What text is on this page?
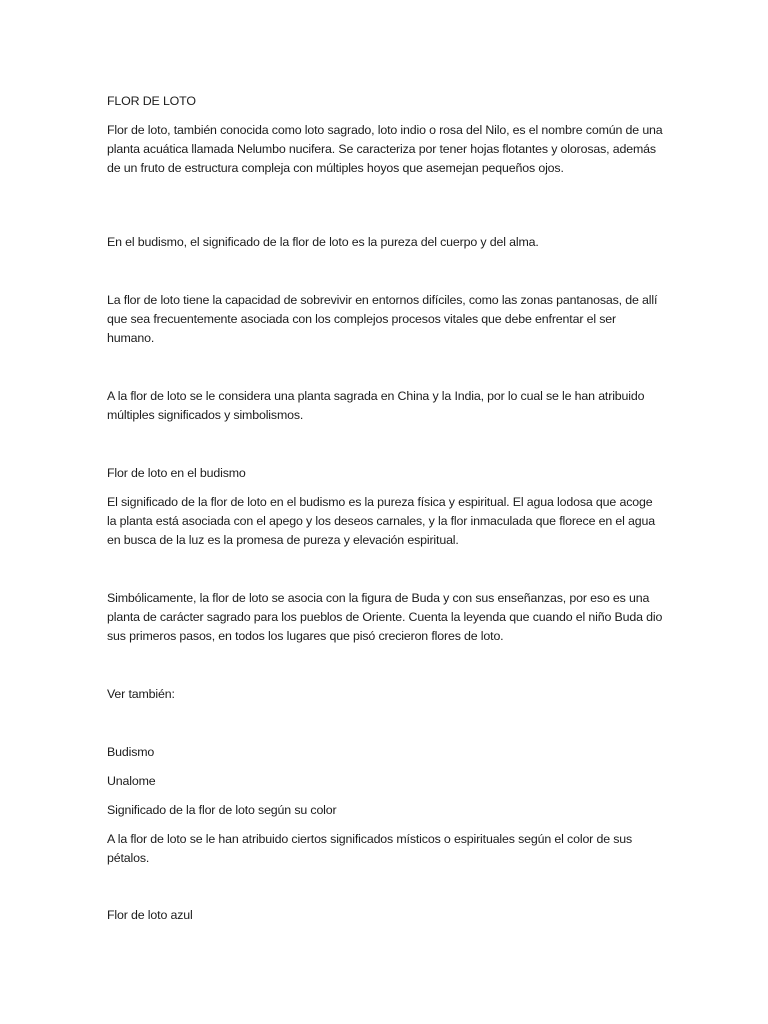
FLOR DE LOTO

Flor de loto, también conocida como loto sagrado, loto indio o rosa del Nilo, es el nombre común de una planta acuática llamada Nelumbo nucifera. Se caracteriza por tener hojas flotantes y olorosas, además de un fruto de estructura compleja con múltiples hoyos que asemejan pequeños ojos.

En el budismo, el significado de la flor de loto es la pureza del cuerpo y del alma.

La flor de loto tiene la capacidad de sobrevivir en entornos difíciles, como las zonas pantanosas, de allí que sea frecuentemente asociada con los complejos procesos vitales que debe enfrentar el ser humano.

A la flor de loto se le considera una planta sagrada en China y la India, por lo cual se le han atribuido múltiples significados y simbolismos.

Flor de loto en el budismo

El significado de la flor de loto en el budismo es la pureza física y espiritual. El agua lodosa que acoge la planta está asociada con el apego y los deseos carnales, y la flor inmaculada que florece en el agua en busca de la luz es la promesa de pureza y elevación espiritual.

Simbólicamente, la flor de loto se asocia con la figura de Buda y con sus enseñanzas, por eso es una planta de carácter sagrado para los pueblos de Oriente. Cuenta la leyenda que cuando el niño Buda dio sus primeros pasos, en todos los lugares que pisó crecieron flores de loto.

Ver también:

Budismo

Unalome

Significado de la flor de loto según su color

A la flor de loto se le han atribuido ciertos significados místicos o espirituales según el color de sus pétalos.

Flor de loto azul
